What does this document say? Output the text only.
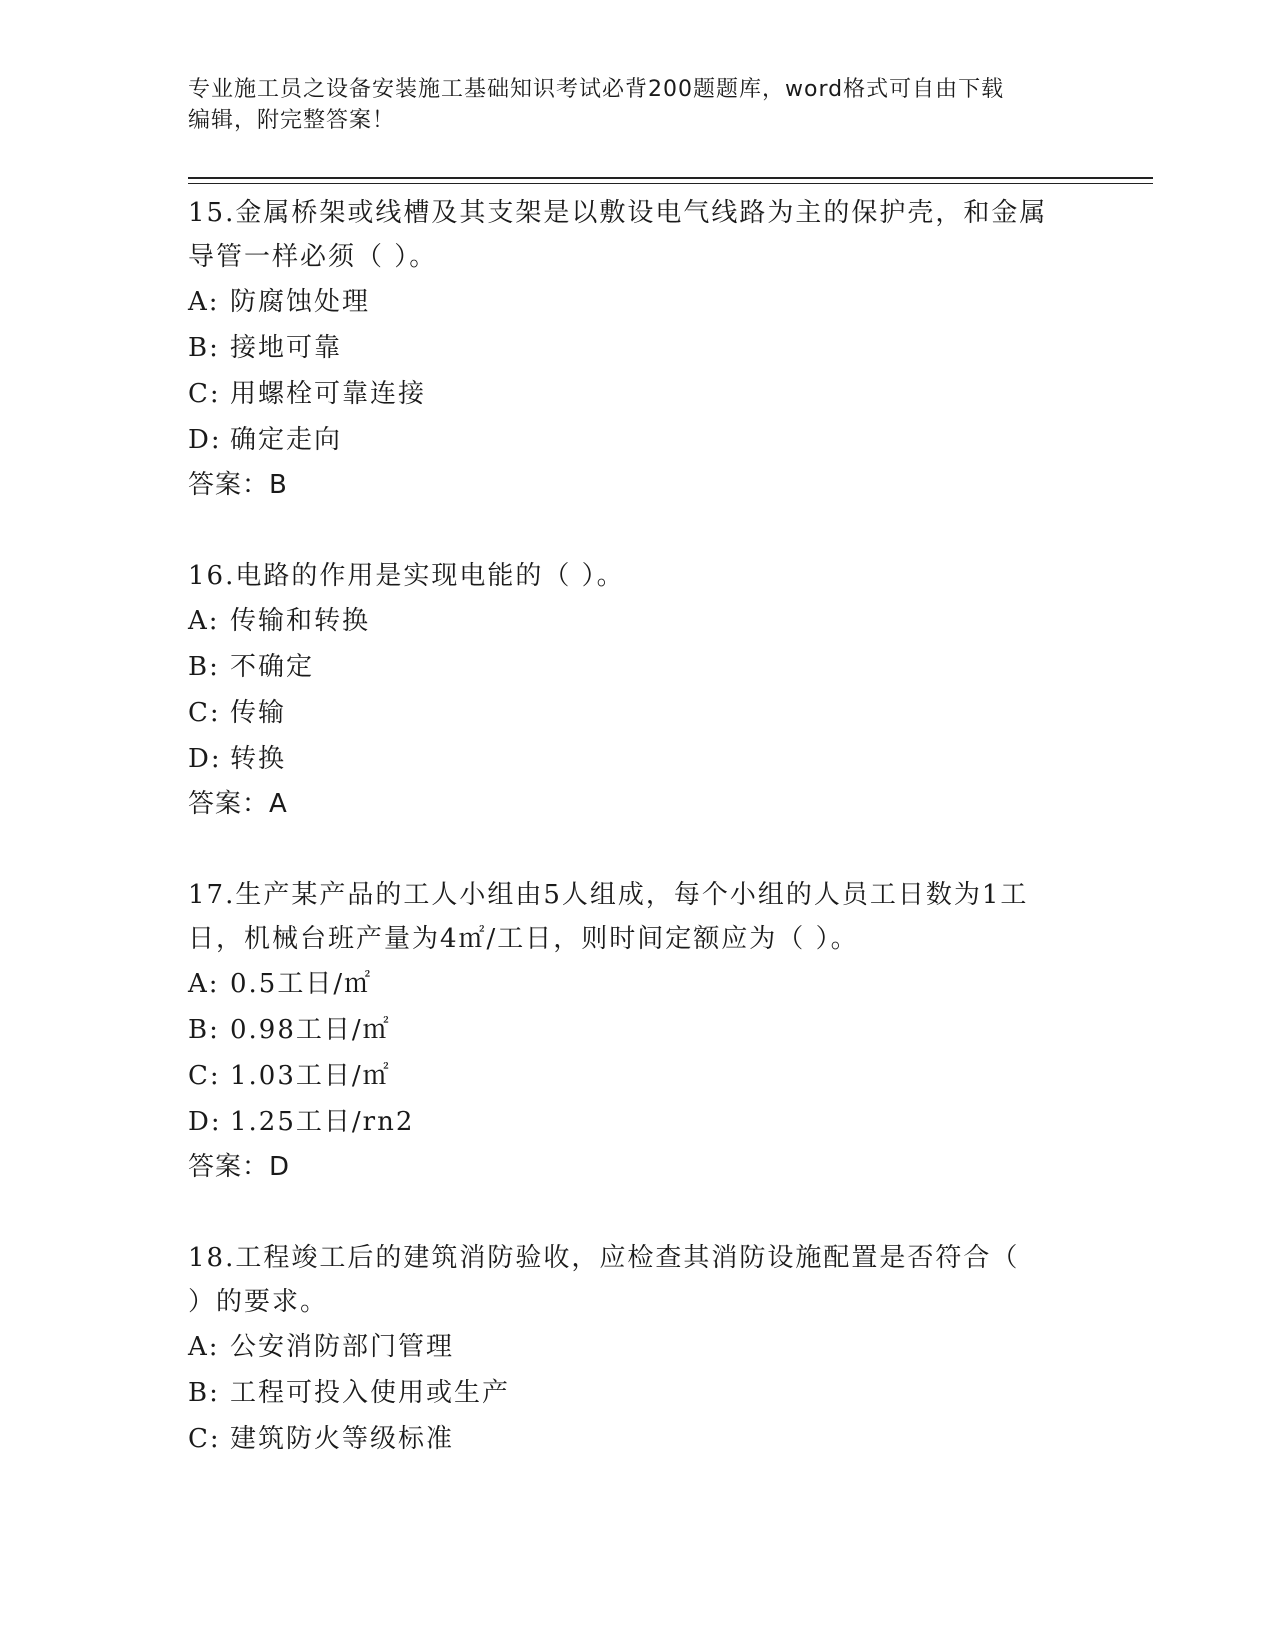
专业施工员之设备安装施工基础知识考试必背200题题库，word格式可自由下载
编辑，附完整答案！
15.金属桥架或线槽及其支架是以敷设电气线路为主的保护壳，和金属
导管一样必须（ ）。
A: 防腐蚀处理
B: 接地可靠
C: 用螺栓可靠连接
D: 确定走向
答案：B
16.电路的作用是实现电能的（ ）。
A: 传输和转换
B: 不确定
C: 传输
D: 转换
答案：A
17.生产某产品的工人小组由5人组成，每个小组的人员工日数为1工
日，机械台班产量为4㎡/工日，则时间定额应为（ ）。
A: 0.5工日/㎡
B: 0.98工日/㎡
C: 1.03工日/㎡
D: 1.25工日/rn2
答案：D
18.工程竣工后的建筑消防验收，应检查其消防设施配置是否符合（
）的要求。
A: 公安消防部门管理
B: 工程可投入使用或生产
C: 建筑防火等级标准
